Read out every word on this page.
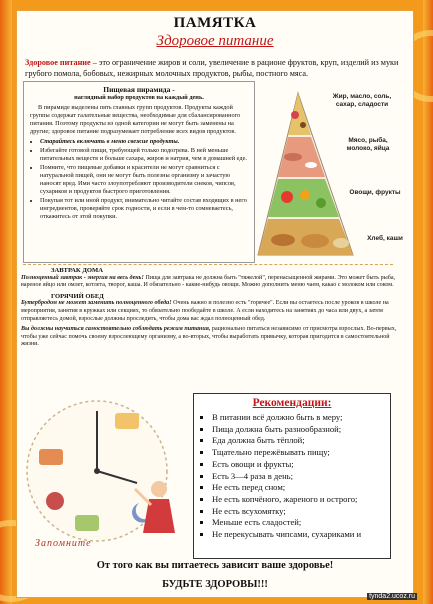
ПАМЯТКА
Здоровое питание
Здоровое питание – это ограничение жиров и соли, увеличение в рационе фруктов, круп, изделий из муки грубого помола, бобовых, нежирных молочных продуктов, рыбы, постного мяса.
Пищевая пирамида -
наглядный набор продуктов на каждый день.
В пирамиде выделены пять главных групп продуктов. Продукты каждой группы содержат галательные вещества, необходимые для сбалансированного питания. Поэтому продукты из одной категории не могут быть заменены на другие; здоровое питание подразумевает потребление всех видов продуктов.
• Старайтесь включать в меню свежие продукты.
• Избегайте готовой пищи, требующей только подогрева. В ней меньше питательных веществ и больше сахара, жиров и натрия, чем в домашней еде.
• Помните, что пищевые добавки и красители не могут сравниться с натуральной пищей, они не могут быть полезны организму и зачастую наносят вред. Ими часто злоупотребляют производители снеков, чипсов, сухариков и продуктов быстрого приготовления.
• Покупая тот или иной продукт, внимательно читайте состав входящих в него ингредиентов, проверяйте срок годности, и если в чем-то сомневаетесь, откажитесь от этой покупки.
Жир, масло, соль, сахар, сладости
Мясо, рыба, молоко, яйца
Овощи, фрукты
Хлеб, каши
ЗАВТРАК ДОМА

Полноценный завтрак - энергия на весь день! Пища для завтрака не должна быть "тяжелой", перенасыщенной жирами. Это может быть рыба, вареное яйцо или омлет, котлета, творог, каша. И обязательно - какие-нибудь овощи. Можно дополнить меню чаем, какао с молоком или соком.

ГОРЯЧИЙ ОБЕД

Бутербродом не может заменить полноценного обеда! Очень важно и полезно есть "горячее". Если вы остаетесь после уроков в школе на мероприятия, занятия в кружках или секциях, то обязательно пообедайте в школе. А если находитесь на занятиях до часа или двух, а затем отправляетесь домой, взрослые должны проследить, чтобы дома вас ждал полноценный обед.

Вы должны научиться самостоятельно соблюдать режим питания, рационально питаться независимо от присмотра взрослых. Во-первых, чтобы уже сейчас помочь своему взрослеющему организму, а во-вторых, чтобы выработать привычку, которая пригодится в самостоятельной жизни.

Запомните
Рекомендации:
▪ В питании всё должно быть в меру;
▪ Пища должна быть разнообразной;
▪ Еда должна быть тёплой;
▪ Тщательно пережёвывать пищу;
▪ Есть овощи и фрукты;
▪ Есть 3—4 раза в день;
▪ Не есть перед сном;
▪ Не есть копчёного, жареного и острого;
▪ Не есть всухомятку;
▪ Меньше есть сладостей;
▪ Не перекусывать чипсами, сухариками и
От того как вы питаетесь зависит ваше здоровье!
БУДЬТЕ ЗДОРОВЫ!!!
tynda2.ucoz.ru
